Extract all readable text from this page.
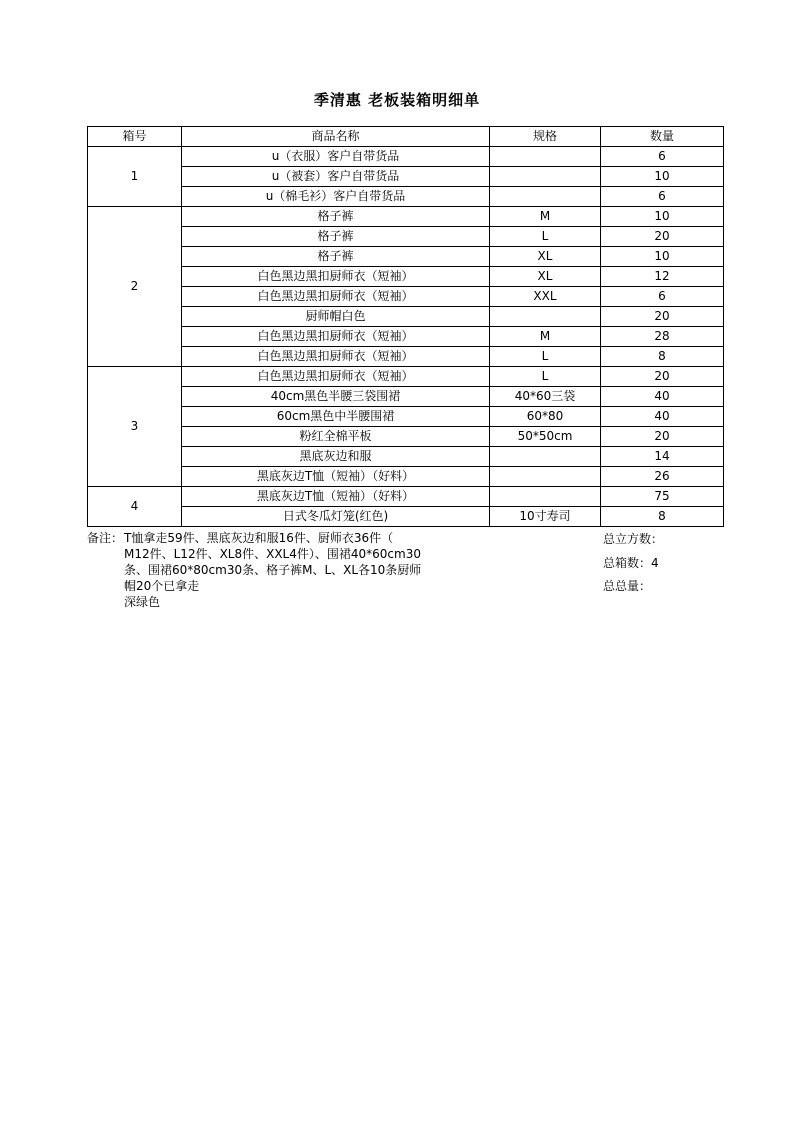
季清惠 老板装箱明细单
箱号	商品名称	规格	数量
1	u（衣服）客户自带货品		6
	u（被套）客户自带货品		10
	u（棉毛衫）客户自带货品		6
2	格子裤	M	10
	格子裤	L	20
	格子裤	XL	10
	白色黑边黑扣厨师衣（短袖）	XL	12
	白色黑边黑扣厨师衣（短袖）	XXL	6
	厨师帽白色		20
	白色黑边黑扣厨师衣（短袖）	M	28
	白色黑边黑扣厨师衣（短袖）	L	8
3	白色黑边黑扣厨师衣（短袖）	L	20
	40cm黑色半腰三袋围裙	40*60三袋	40
	60cm黑色中半腰围裙	60*80	40
	粉红全棉平板	50*50cm	20
	黑底灰边和服		14
	黑底灰边T恤（短袖）（好料）		26
4	黑底灰边T恤（短袖）（好料）		75
	日式冬瓜灯笼(红色)	10寸寿司	8
备注： T恤拿走59件、黑底灰边和服16件、厨师衣36件（
M12件、L12件、XL8件、XXL4件）、围裙40*60cm30
条、围裙60*80cm30条、格子裤M、L、XL各10条厨师
帽20个已拿走
深绿色
总立方数：
总箱数：4
总总量：
